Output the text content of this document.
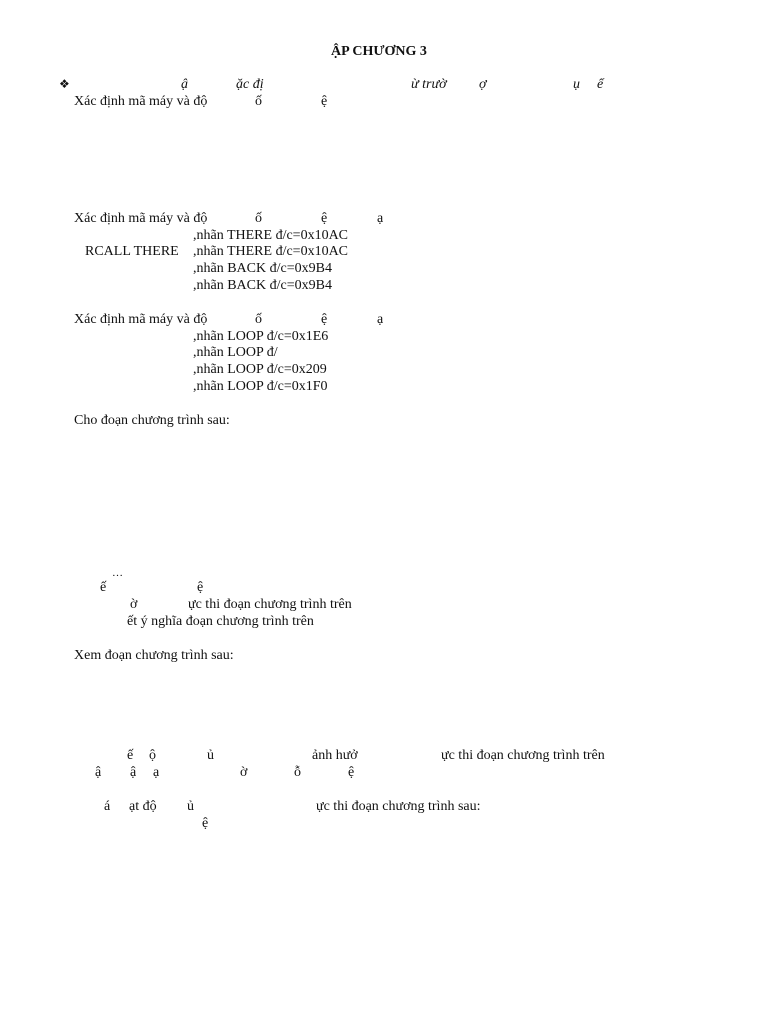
ẬP CHƯƠNG 3
❖	ậ	ặc đị	ừ trườ ợ	ụ ể
Xác định mã máy và độ	ố	ệ
Xác định mã máy và độ	ố	ệ	ạ
,nhãn THERE đ/c=0x10AC
RCALL THERE ,nhãn THERE đ/c=0x10AC
,nhãn BACK đ/c=0x9B4
,nhãn BACK đ/c=0x9B4
Xác định mã máy và độ	ố	ệ	ạ
,nhãn LOOP đ/c=0x1E6
,nhãn LOOP đ/
,nhãn LOOP đ/c=0x209
,nhãn LOOP đ/c=0x1F0
Cho đoạn chương trình sau:
…
ế	ệ
ờ	ực thi đoạn chương trình trên
ết ý nghĩa đoạn chương trình trên
Xem đoạn chương trình sau:
ế ộ	ủ	ảnh hưở	ực thi đoạn chương trình trên
ậ ậ ạ	ờ	ỗ	ệ
á ạt độ ủ	ực thi đoạn chương trình sau:
ệ
